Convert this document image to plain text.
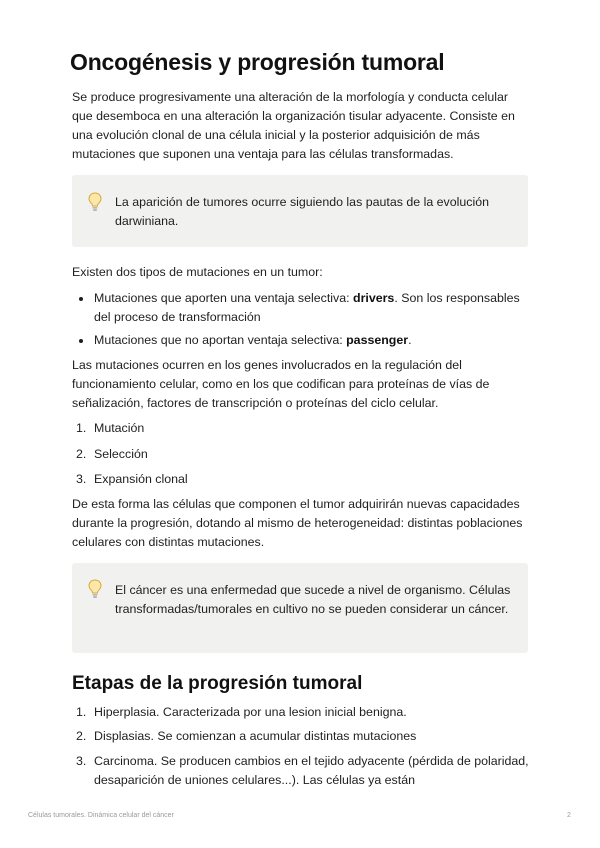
Oncogénesis y progresión tumoral

Se produce progresivamente una alteración de la morfología y conducta celular que desemboca en una alteración la organización tisular adyacente. Consiste en una evolución clonal de una célula inicial y la posterior adquisición de más mutaciones que suponen una ventaja para las células transformadas.

La aparición de tumores ocurre siguiendo las pautas de la evolución darwiniana.

Existen dos tipos de mutaciones en un tumor:

Mutaciones que aporten una ventaja selectiva: drivers. Son los responsables del proceso de transformación
Mutaciones que no aportan ventaja selectiva: passenger.

Las mutaciones ocurren en los genes involucrados en la regulación del funcionamiento celular, como en los que codifican para proteínas de vías de señalización, factores de transcripción o proteínas del ciclo celular.

1. Mutación
2. Selección
3. Expansión clonal

De esta forma las células que componen el tumor adquirirán nuevas capacidades durante la progresión, dotando al mismo de heterogeneidad: distintas poblaciones celulares con distintas mutaciones.

El cáncer es una enfermedad que sucede a nivel de organismo. Células transformadas/tumorales en cultivo no se pueden considerar un cáncer.
Etapas de la progresión tumoral
1. Hiperplasia. Caracterizada por una lesion inicial benigna.
2. Displasias. Se comienzan a acumular distintas mutaciones
3. Carcinoma. Se producen cambios en el tejido adyacente (pérdida de polaridad, desaparición de uniones celulares...). Las células ya están
Células tumorales. Dinámica celular del cáncer	2
